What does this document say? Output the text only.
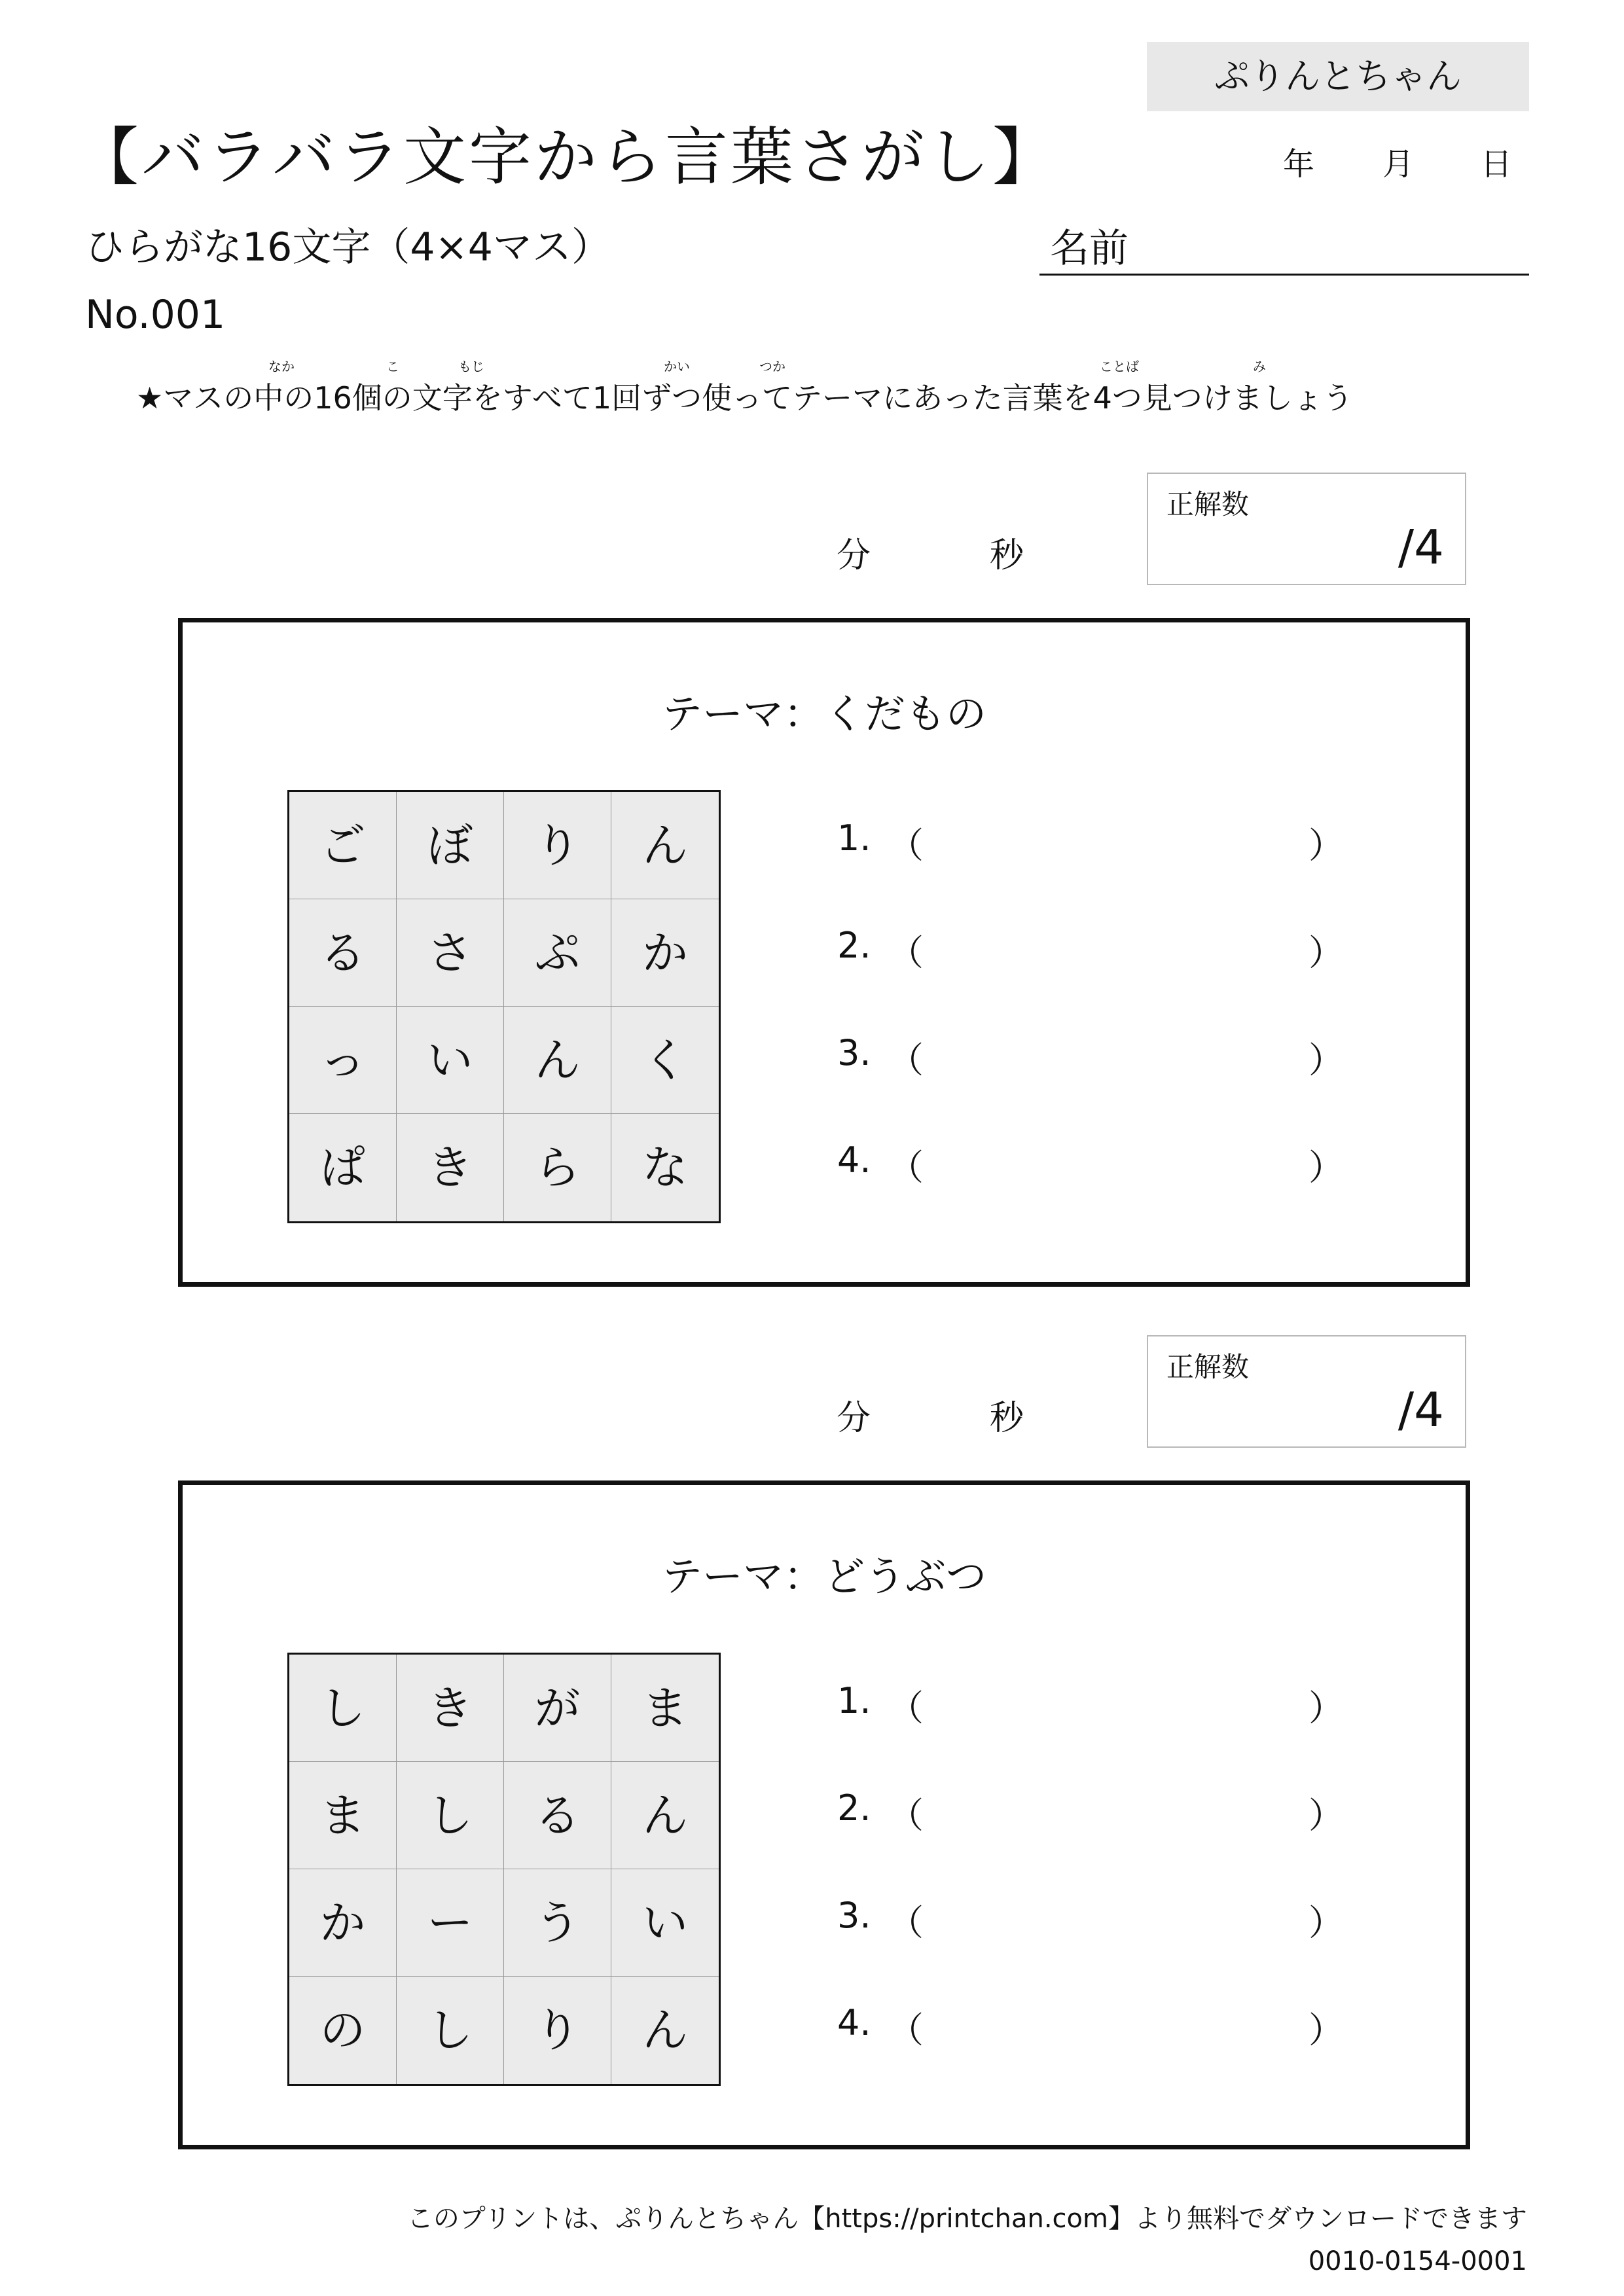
ぷりんとちゃん
【バラバラ文字から言葉さがし】	年 月 日
ひらがな16文字（4×4マス）
No.001
名前
なか	こ	もじ	かい	つか	ことば	み
★マスの中の16個の文字をすべて1回ずつ使ってテーマにあった言葉を4つ見つけましょう
分	秒
正解数
/4
テーマ：くだもの
ご	ぼ	り	ん
る	さ	ぷ	か
っ	い	ん	く
ぱ	き	ら	な
1. （	）
2. （	）
3. （	）
4. （	）
分	秒
正解数
/4
テーマ：どうぶつ
し	き	が	ま
ま	し	る	ん
か	ー	う	い
の	し	り	ん
1. （	）
2. （	）
3. （	）
4. （	）
このプリントは、ぷりんとちゃん【https://printchan.com】より無料でダウンロードできます
0010-0154-0001
